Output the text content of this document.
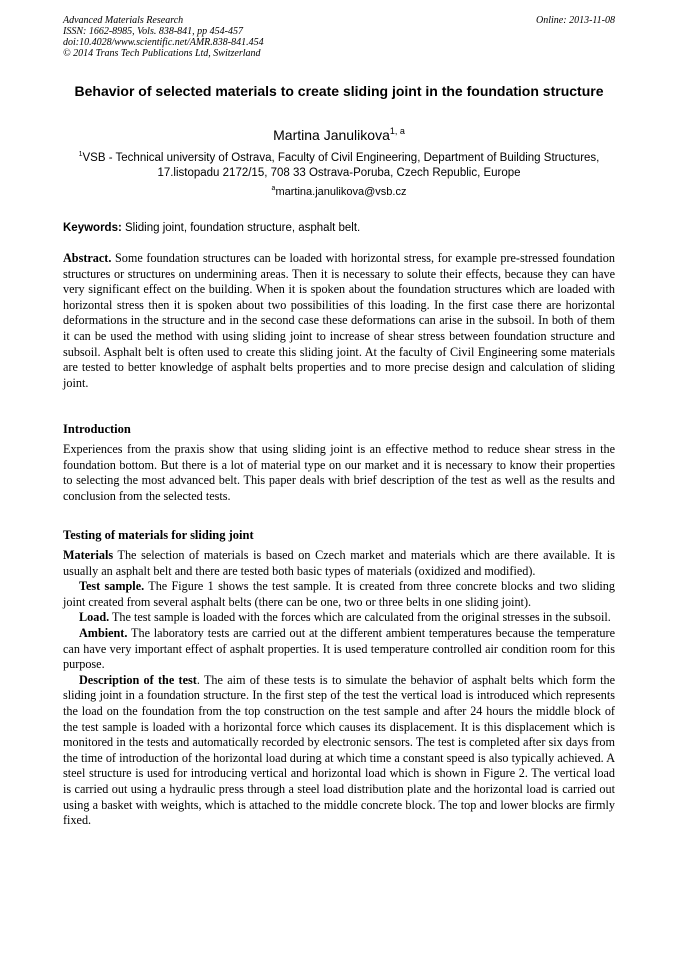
Advanced Materials Research
ISSN: 1662-8985, Vols. 838-841, pp 454-457
doi:10.4028/www.scientific.net/AMR.838-841.454
© 2014 Trans Tech Publications Ltd, Switzerland
Online: 2013-11-08
Behavior of selected materials to create sliding joint in the foundation structure
Martina Janulikova$^{1, a}$
$^1$VSB - Technical university of Ostrava, Faculty of Civil Engineering, Department of Building Structures, 17.listopadu 2172/15, 708 33 Ostrava-Poruba, Czech Republic, Europe
$^a$martina.janulikova@vsb.cz
Keywords: Sliding joint, foundation structure, asphalt belt.

Abstract. Some foundation structures can be loaded with horizontal stress, for example pre-stressed foundation structures or structures on undermining areas. Then it is necessary to solute their effects, because they can have very significant effect on the building. When it is spoken about the foundation structures which are loaded with horizontal stress then it is spoken about two possibilities of this loading. In the first case there are horizontal deformations in the structure and in the second case these deformations can arise in the subsoil. In both of them it can be used the method with using sliding joint to increase of shear stress between foundation structure and subsoil. Asphalt belt is often used to create this sliding joint. At the faculty of Civil Engineering some materials are tested to better knowledge of asphalt belts properties and to more precise design and calculation of sliding joint.

Introduction

Experiences from the praxis show that using sliding joint is an effective method to reduce shear stress in the foundation bottom. But there is a lot of material type on our market and it is necessary to know their properties to selecting the most advanced belt. This paper deals with brief description of the test as well as the results and conclusion from the selected tests.

Testing of materials for sliding joint

Materials The selection of materials is based on Czech market and materials which are there available. It is usually an asphalt belt and there are tested both basic types of materials (oxidized and modified).

Test sample. The Figure 1 shows the test sample. It is created from three concrete blocks and two sliding joint created from several asphalt belts (there can be one, two or three belts in one sliding joint).

Load. The test sample is loaded with the forces which are calculated from the original stresses in the subsoil.

Ambient. The laboratory tests are carried out at the different ambient temperatures because the temperature can have very important effect of asphalt properties. It is used temperature controlled air condition room for this purpose.

Description of the test. The aim of these tests is to simulate the behavior of asphalt belts which form the sliding joint in a foundation structure. In the first step of the test the vertical load is introduced which represents the load on the foundation from the top construction on the test sample and after 24 hours the middle block of the test sample is loaded with a horizontal force which causes its displacement. It is this displacement which is monitored in the tests and automatically recorded by electronic sensors. The test is completed after six days from the time of introduction of the horizontal load during at which time a constant speed is also typically achieved. A steel structure is used for introducing vertical and horizontal load which is shown in Figure 2. The vertical load is carried out using a hydraulic press through a steel load distribution plate and the horizontal load is carried out using a basket with weights, which is attached to the middle concrete block. The top and lower blocks are firmly fixed.
